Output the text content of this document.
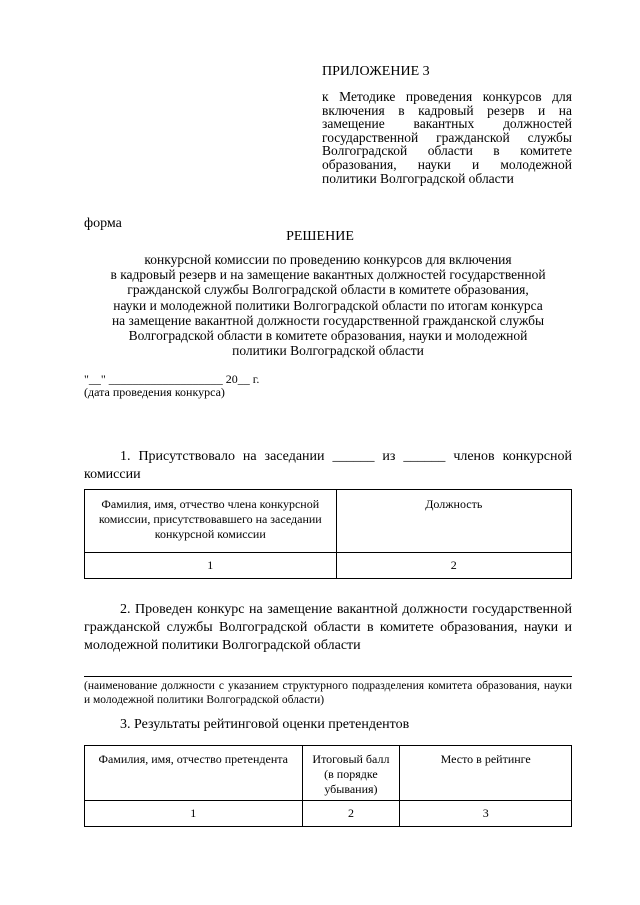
ПРИЛОЖЕНИЕ 3
к Методике проведения конкурсов для включения в кадровый резерв и на замещение вакантных должностей государственной гражданской службы Волгоградской области в комитете образования, науки и молодежной политики Волгоградской области
форма
РЕШЕНИЕ
конкурсной комиссии по проведению конкурсов для включения
в кадровый резерв и на замещение вакантных должностей государственной
гражданской службы Волгоградской области в комитете образования,
науки и молодежной политики Волгоградской области по итогам конкурса
на замещение вакантной должности государственной гражданской службы
Волгоградской области в комитете образования, науки и молодежной
политики Волгоградской области
"__" ___________________ 20__ г.
(дата проведения конкурса)
1. Присутствовало на заседании ______ из ______ членов конкурсной комиссии
Фамилия, имя, отчество члена конкурсной комиссии, присутствовавшего на заседании конкурсной комиссии	Должность
1	2
2. Проведен конкурс на замещение вакантной должности государственной гражданской службы Волгоградской области в комитете образования, науки и молодежной политики Волгоградской области
(наименование должности с указанием структурного подразделения комитета образования, науки и молодежной политики Волгоградской области)
3. Результаты рейтинговой оценки претендентов
Фамилия, имя, отчество претендента	Итоговый балл (в порядке убывания)	Место в рейтинге
1	2	3
